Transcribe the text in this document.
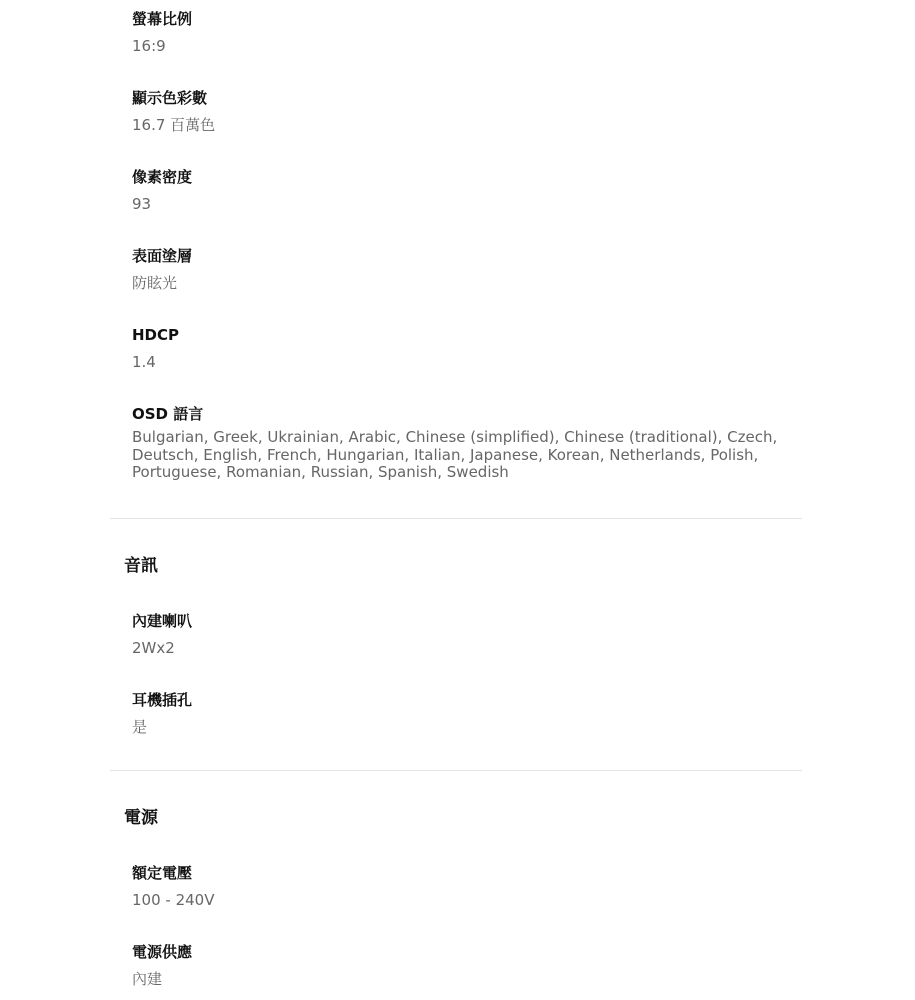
螢幕比例
16:9
顯示色彩數
16.7 百萬色
像素密度
93
表面塗層
防眩光
HDCP
1.4
OSD 語言
Bulgarian, Greek, Ukrainian, Arabic, Chinese (simplified), Chinese (traditional), Czech, Deutsch, English, French, Hungarian, Italian, Japanese, Korean, Netherlands, Polish, Portuguese, Romanian, Russian, Spanish, Swedish
音訊
內建喇叭
2Wx2
耳機插孔
是
電源
額定電壓
100 - 240V
電源供應
內建
